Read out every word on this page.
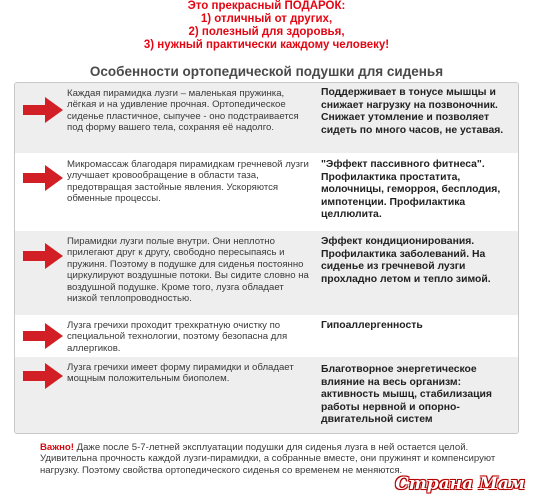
Это прекрасный ПОДАРОК:
1) отличный от других,
2) полезный для здоровья,
3) нужный практически каждому человеку!
Особенности ортопедической подушки для сиденья
Каждая пирамидка лузги – маленькая пружинка, лёгкая и на удивление прочная. Ортопедическое сиденье пластичное, сыпучее - оно подстраивается под форму вашего тела, сохраняя её надолго.
Поддерживает в тонусе мышцы и снижает нагрузку на позвоночник. Снижает утомление и позволяет сидеть по много часов, не уставая.
Микромассаж благодаря пирамидкам гречневой лузги улучшает кровообращение в области таза, предотвращая застойные явления. Ускоряются обменные процессы.
"Эффект пассивного фитнеса". Профилактика простатита, молочницы, геморроя, бесплодия, импотенции. Профилактика целлюлита.
Пирамидки лузги полые внутри. Они неплотно прилегают друг к другу, свободно пересыпаясь и пружиня. Поэтому в подушке для сиденья постоянно циркулируют воздушные потоки. Вы сидите словно на воздушной подушке. Кроме того, лузга обладает низкой теплопроводностью.
Эффект кондиционирования. Профилактика заболеваний. На сиденье из гречневой лузги прохладно летом и тепло зимой.
Лузга гречихи проходит трехкратную очистку по специальной технологии, поэтому безопасна для аллергиков.
Гипоаллергенность
Лузга гречихи имеет форму пирамидки и обладает мощным положительным биополем.
Благотворное энергетическое влияние на весь организм: активность мышц, стабилизация работы нервной и опорно-двигательной систем
Важно! Даже после 5-7-летней эксплуатации подушки для сиденья лузга в ней остается целой. Удивительна прочность каждой лузги-пирамидки, а собранные вместе, они пружинят и компенсируют нагрузку. Поэтому свойства ортопедического сиденья со временем не меняются.
Страна Мам
